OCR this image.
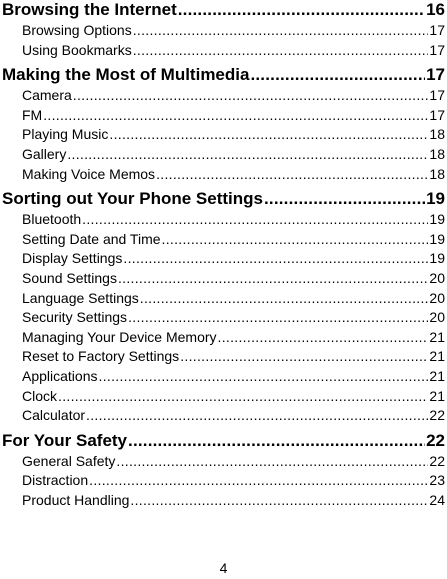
Browsing the Internet .....	16
Browsing Options .....	17
Using Bookmarks .....	17
Making the Most of Multimedia .....	17
Camera .....	17
FM .....	17
Playing Music .....	18
Gallery .....	18
Making Voice Memos .....	18
Sorting out Your Phone Settings .....	19
Bluetooth .....	19
Setting Date and Time .....	19
Display Settings .....	19
Sound Settings .....	20
Language Settings .....	20
Security Settings .....	20
Managing Your Device Memory .....	21
Reset to Factory Settings .....	21
Applications .....	21
Clock .....	21
Calculator .....	22
For Your Safety .....	22
General Safety .....	22
Distraction .....	23
Product Handling .....	24
4
